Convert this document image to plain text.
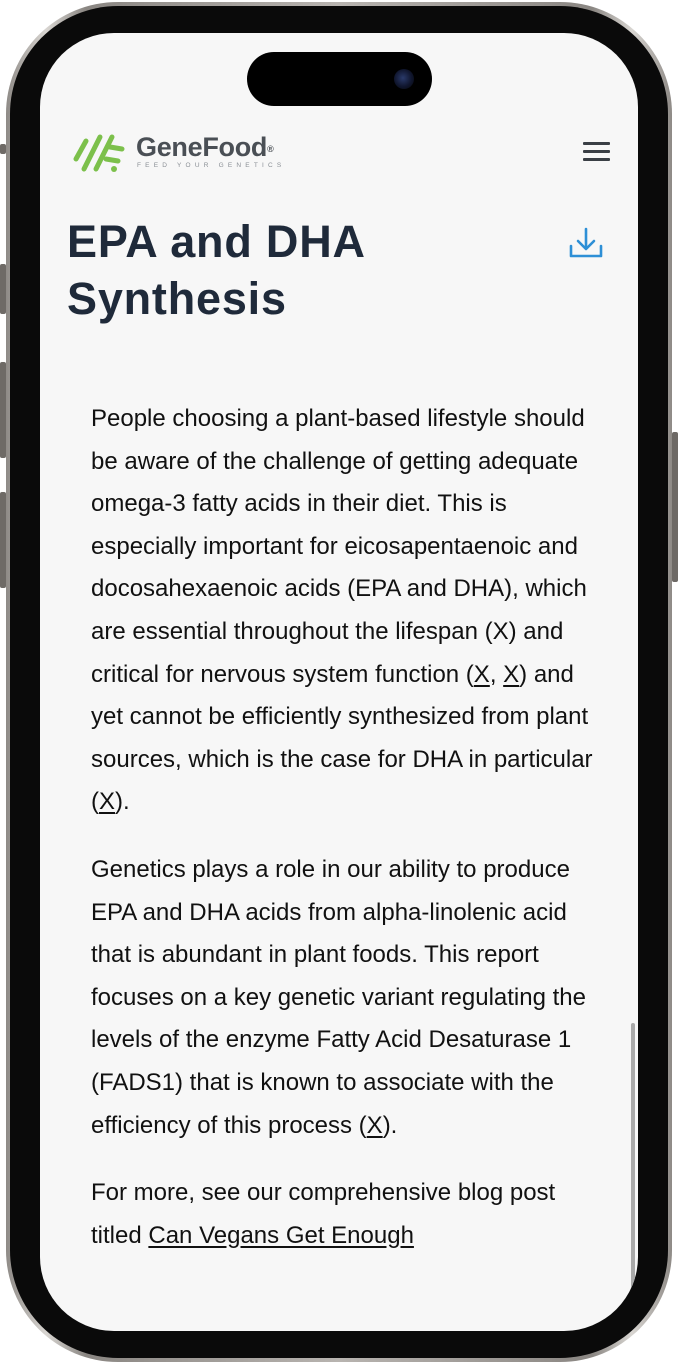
GeneFood®
FEED YOUR GENETICS
EPA and DHA
Synthesis

People choosing a plant-based lifestyle should be aware of the challenge of getting adequate omega-3 fatty acids in their diet. This is especially important for eicosapentaenoic and docosahexaenoic acids (EPA and DHA), which are essential throughout the lifespan (X) and critical for nervous system function (X, X) and yet cannot be efficiently synthesized from plant sources, which is the case for DHA in particular (X).

Genetics plays a role in our ability to produce EPA and DHA acids from alpha-linolenic acid that is abundant in plant foods. This report focuses on a key genetic variant regulating the levels of the enzyme Fatty Acid Desaturase 1 (FADS1) that is known to associate with the efficiency of this process (X).

For more, see our comprehensive blog post titled Can Vegans Get Enough
